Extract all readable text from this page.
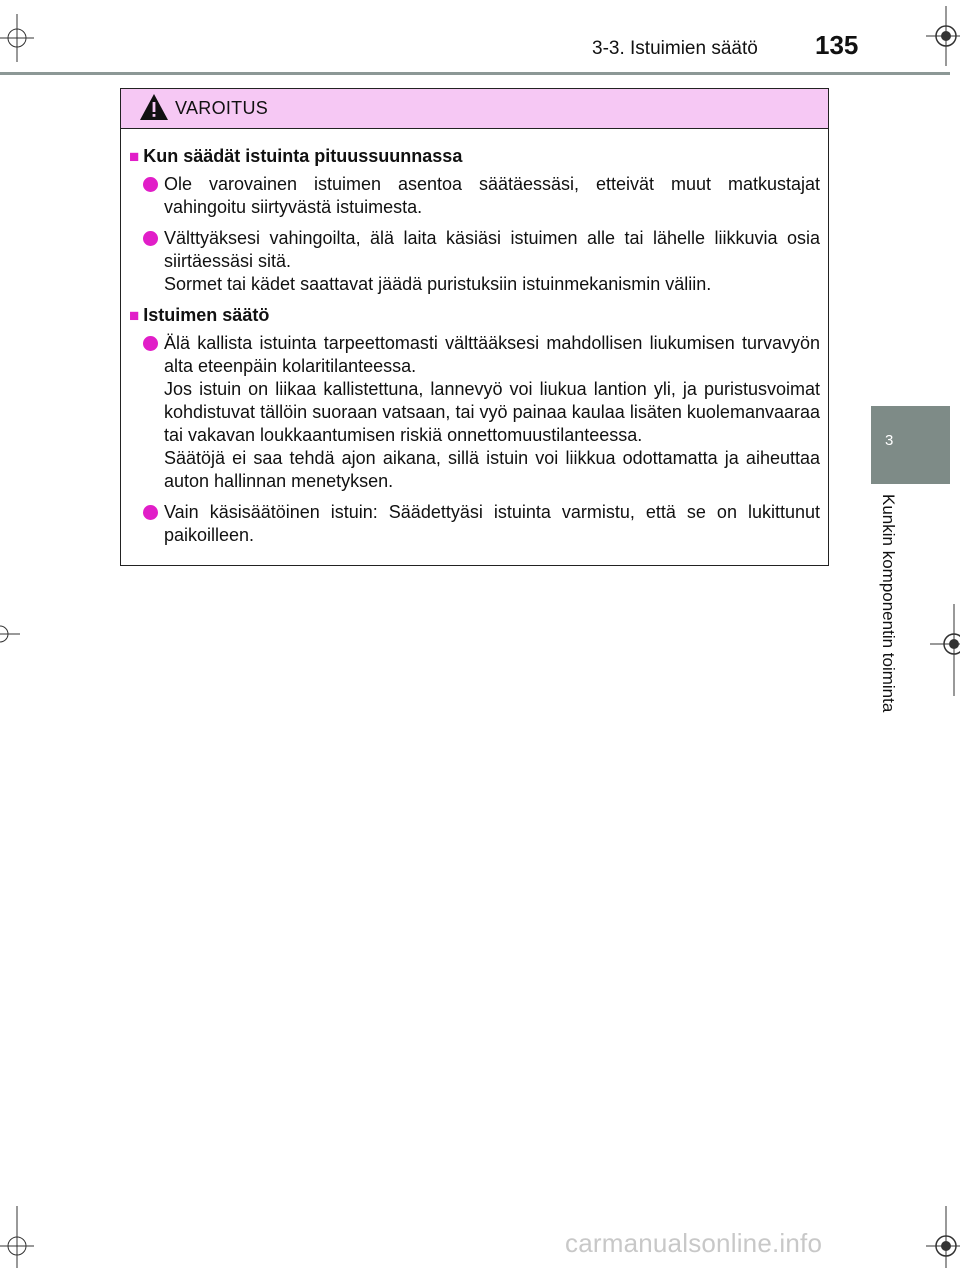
3-3. Istuimien säätö 135
3
Kunkin komponentin toiminta
VAROITUS
■ Kun säädät istuinta pituussuunnassa

Ole varovainen istuimen asentoa säätäessäsi, etteivät muut matkustajat vahingoitu siirtyvästä istuimesta.

Välttyäksesi vahingoilta, älä laita käsiäsi istuimen alle tai lähelle liikkuvia osia siirtäessäsi sitä.

Sormet tai kädet saattavat jäädä puristuksiin istuinmekanismin väliin.

■ Istuimen säätö

Älä kallista istuinta tarpeettomasti välttääksesi mahdollisen liukumisen turvavyön alta eteenpäin kolaritilanteessa.

Jos istuin on liikaa kallistettuna, lannevyö voi liukua lantion yli, ja puristusvoimat kohdistuvat tällöin suoraan vatsaan, tai vyö painaa kaulaa lisäten kuolemanvaaraa tai vakavan loukkaantumisen riskiä onnettomuustilanteessa.

Säätöjä ei saa tehdä ajon aikana, sillä istuin voi liikkua odottamatta ja aiheuttaa auton hallinnan menetyksen.

Vain käsisäätöinen istuin: Säädettyäsi istuinta varmistu, että se on lukittunut paikoilleen.

carmanualsonline.info
